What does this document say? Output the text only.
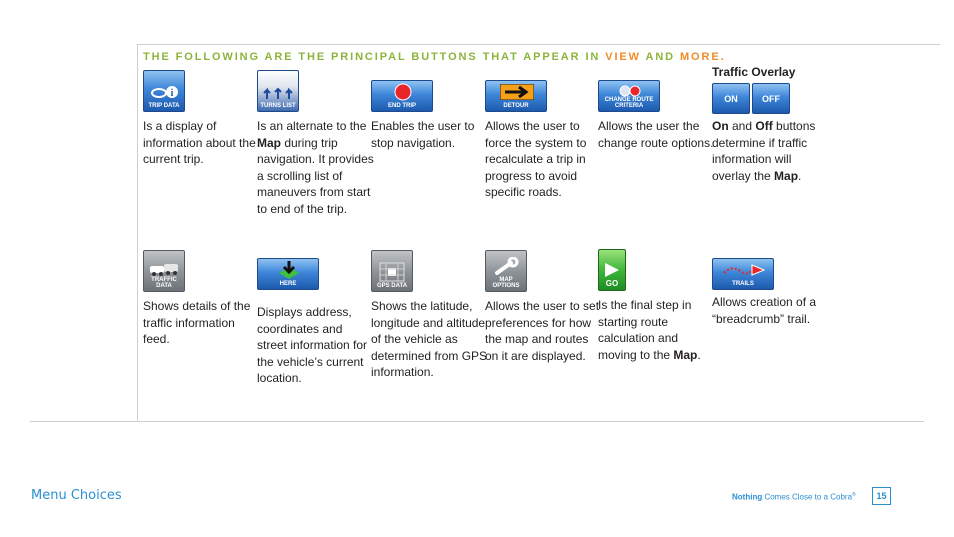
THE FOLLOWING ARE THE PRINCIPAL BUTTONS THAT APPEAR IN VIEW AND MORE.
i
TRIP DATA

Is a display of information about the current trip.

TURNS LIST

Is an alternate to the Map during trip navigation. It provides a scrolling list of maneuvers from start to end of the trip.

END TRIP

Enables the user to stop navigation.

DETOUR

Allows the user to force the system to recalculate a trip in progress to avoid specific roads.

CHANGE ROUTE CRITERIA

Allows the user the change route options.

Traffic Overlay
ON	OFF

On and Off buttons determine if traffic information will overlay the Map.

TRAFFIC DATA

Shows details of the traffic information feed.

HERE

Displays address, coordinates and street information for the vehicle’s current location.

GPS DATA

Shows the latitude, longitude and altitude of the vehicle as determined from GPS information.

MAP OPTIONS

Allows the user to set preferences for how the map and routes on it are displayed.

GO

Is the final step in starting route calculation and moving to the Map.

TRAILS

Allows creation of a “breadcrumb” trail.

Menu Choices	Nothing Comes Close to a Cobra®	15
